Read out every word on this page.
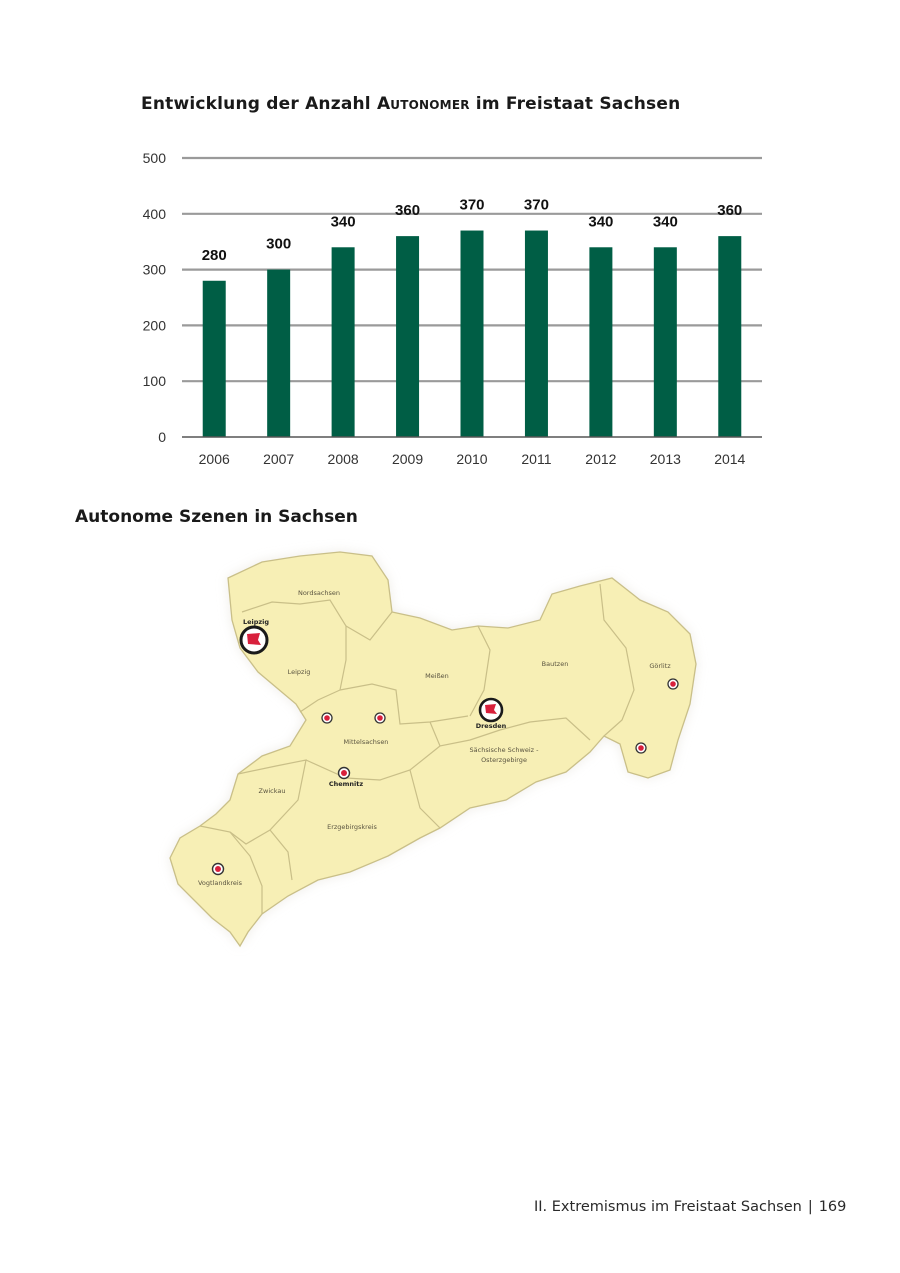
Entwicklung der Anzahl Autonomer im Freistaat Sachsen
0
100
200
300
400
500
280
300
340
360	370	370
340	340
360
2006 2007 2008 2009 2010 2011 2012 2013 2014
Autonome Szenen in Sachsen
Nordsachsen
Leipzig	Meißen
Bautzen	Görlitz
Mittelsachsen
Sächsische Schweiz -
Osterzgebirge
Zwickau
Erzgebirgskreis
Vogtlandkreis
Leipzig
Dresden
Chemnitz
II. Extremismus im Freistaat Sachsen | 169
